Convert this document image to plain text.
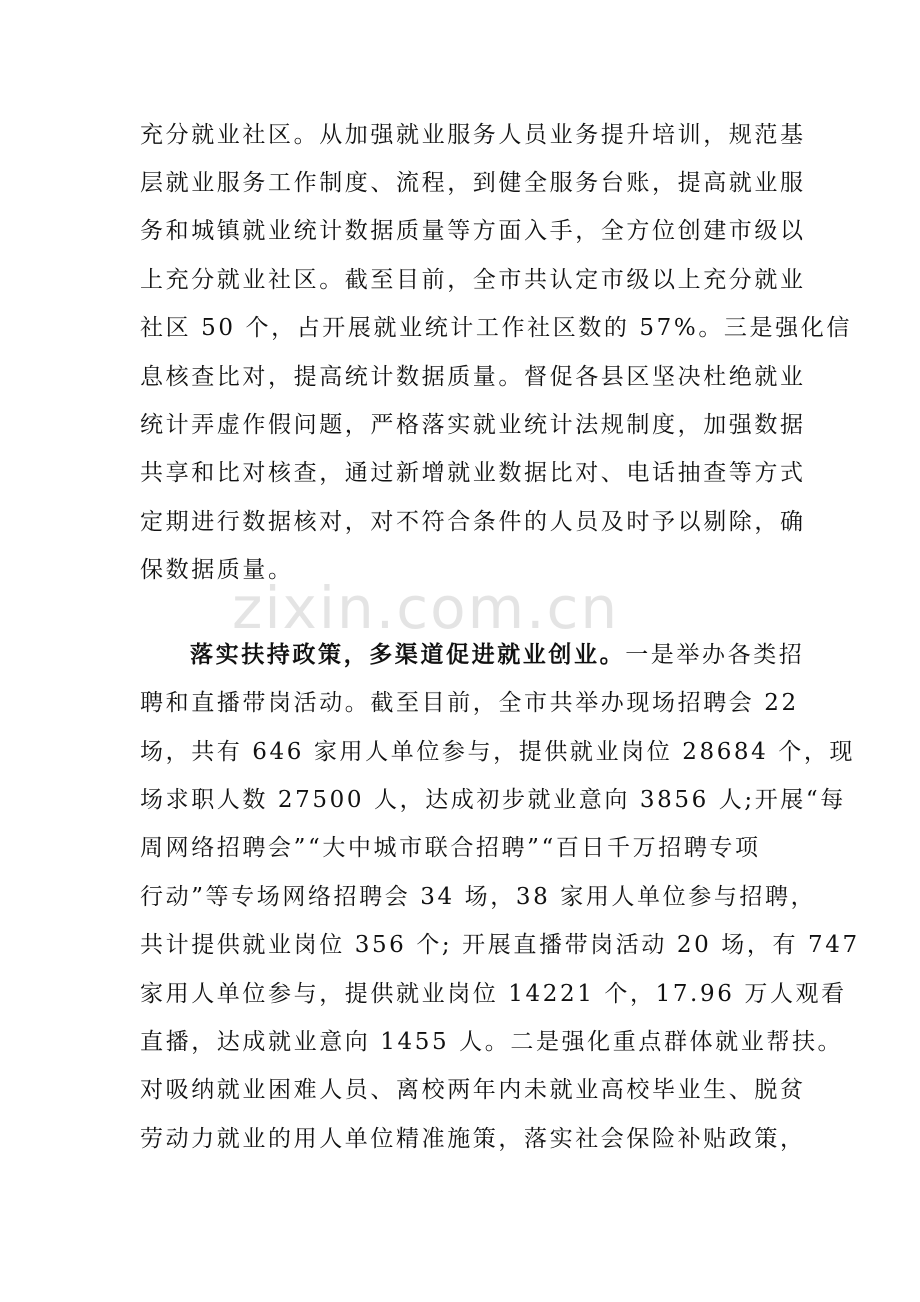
zixin.com.cn
充分就业社区。从加强就业服务人员业务提升培训，规范基
层就业服务工作制度、流程，到健全服务台账，提高就业服
务和城镇就业统计数据质量等方面入手，全方位创建市级以
上充分就业社区。截至目前，全市共认定市级以上充分就业
社区 50 个，占开展就业统计工作社区数的 57%。三是强化信
息核查比对，提高统计数据质量。督促各县区坚决杜绝就业
统计弄虚作假问题，严格落实就业统计法规制度，加强数据
共享和比对核查，通过新增就业数据比对、电话抽查等方式
定期进行数据核对，对不符合条件的人员及时予以剔除，确
保数据质量。
落实扶持政策，多渠道促进就业创业。一是举办各类招
聘和直播带岗活动。截至目前，全市共举办现场招聘会 22
场，共有 646 家用人单位参与，提供就业岗位 28684 个，现
场求职人数 27500 人，达成初步就业意向 3856 人;开展“每
周网络招聘会”“大中城市联合招聘”“百日千万招聘专项
行动”等专场网络招聘会 34 场，38 家用人单位参与招聘，
共计提供就业岗位 356 个; 开展直播带岗活动 20 场，有 747
家用人单位参与，提供就业岗位 14221 个，17.96 万人观看
直播，达成就业意向 1455 人。二是强化重点群体就业帮扶。
对吸纳就业困难人员、离校两年内未就业高校毕业生、脱贫
劳动力就业的用人单位精准施策，落实社会保险补贴政策，
